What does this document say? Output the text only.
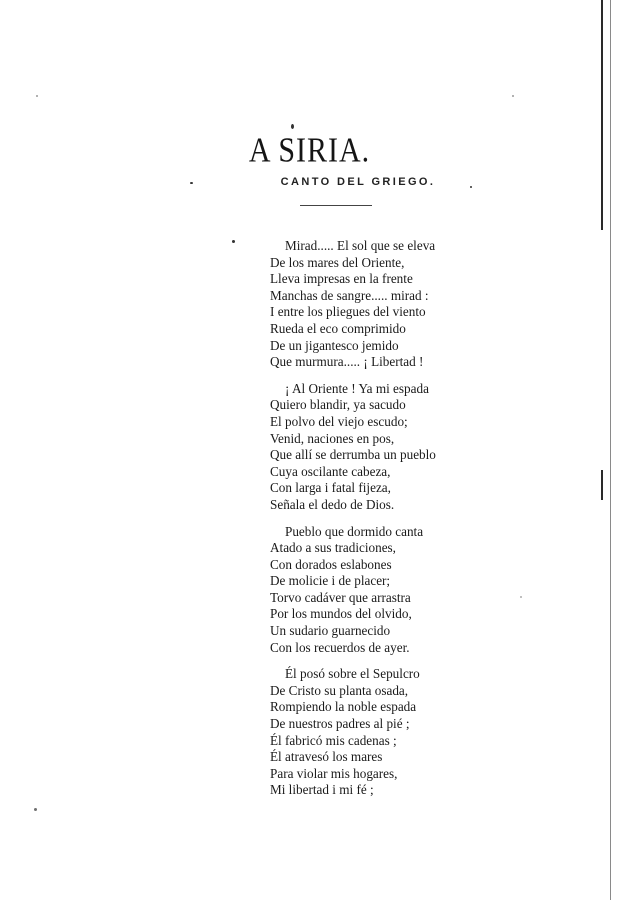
A SIRIA.
CANTO DEL GRIEGO.
Mirad..... El sol que se eleva
De los mares del Oriente,
Lleva impresas en la frente
Manchas de sangre..... mirad :
I entre los pliegues del viento
Rueda el eco comprimido
De un jigantesco jemido
Que murmura..... ¡ Libertad !
¡ Al Oriente ! Ya mi espada
Quiero blandir, ya sacudo
El polvo del viejo escudo;
Venid, naciones en pos,
Que allí se derrumba un pueblo
Cuya oscilante cabeza,
Con larga i fatal fijeza,
Señala el dedo de Dios.
Pueblo que dormido canta
Atado a sus tradiciones,
Con dorados eslabones
De molicie i de placer;
Torvo cadáver que arrastra
Por los mundos del olvido,
Un sudario guarnecido
Con los recuerdos de ayer.
Él posó sobre el Sepulcro
De Cristo su planta osada,
Rompiendo la noble espada
De nuestros padres al pié ;
Él fabricó mis cadenas ;
Él atravesó los mares
Para violar mis hogares,
Mi libertad i mi fé ;
